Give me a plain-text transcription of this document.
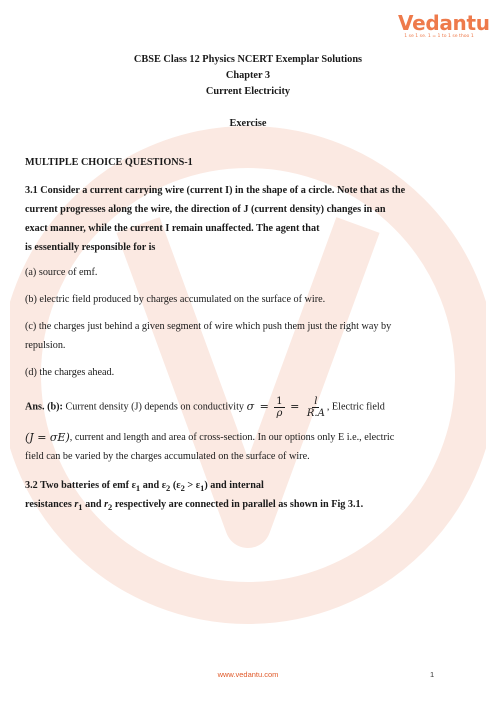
Vedantu
1 se 1 se. 1 = 1 to 1 se thoo 1
CBSE Class 12 Physics NCERT Exemplar Solutions
Chapter 3
Current Electricity
Exercise
MULTIPLE CHOICE QUESTIONS-1
3.1 Consider a current carrying wire (current I) in the shape of a circle. Note that as the
current progresses along the wire, the direction of J (current density) changes in an
exact manner, while the current I remain unaffected. The agent that
is essentially responsible for is
(a) source of emf.
(b) electric field produced by charges accumulated on the surface of wire.
(c) the charges just behind a given segment of wire which push them just the right way by
repulsion.
(d) the charges ahead.
Ans. (b): Current density (J) depends on conductivity $\sigma = \frac{1}{\rho} = \frac{l}{R.A}$ , Electric field
(J = σE), current and length and area of cross-section. In our options only E i.e., electric
field can be varied by the charges accumulated on the surface of wire.
3.2 Two batteries of emf $\varepsilon_1$ and $\varepsilon_2$ $(\varepsilon_2 > \varepsilon_1)$ and internal
resistances $r_1$ and $r_2$ respectively are connected in parallel as shown in Fig 3.1.
www.vedantu.com	1
